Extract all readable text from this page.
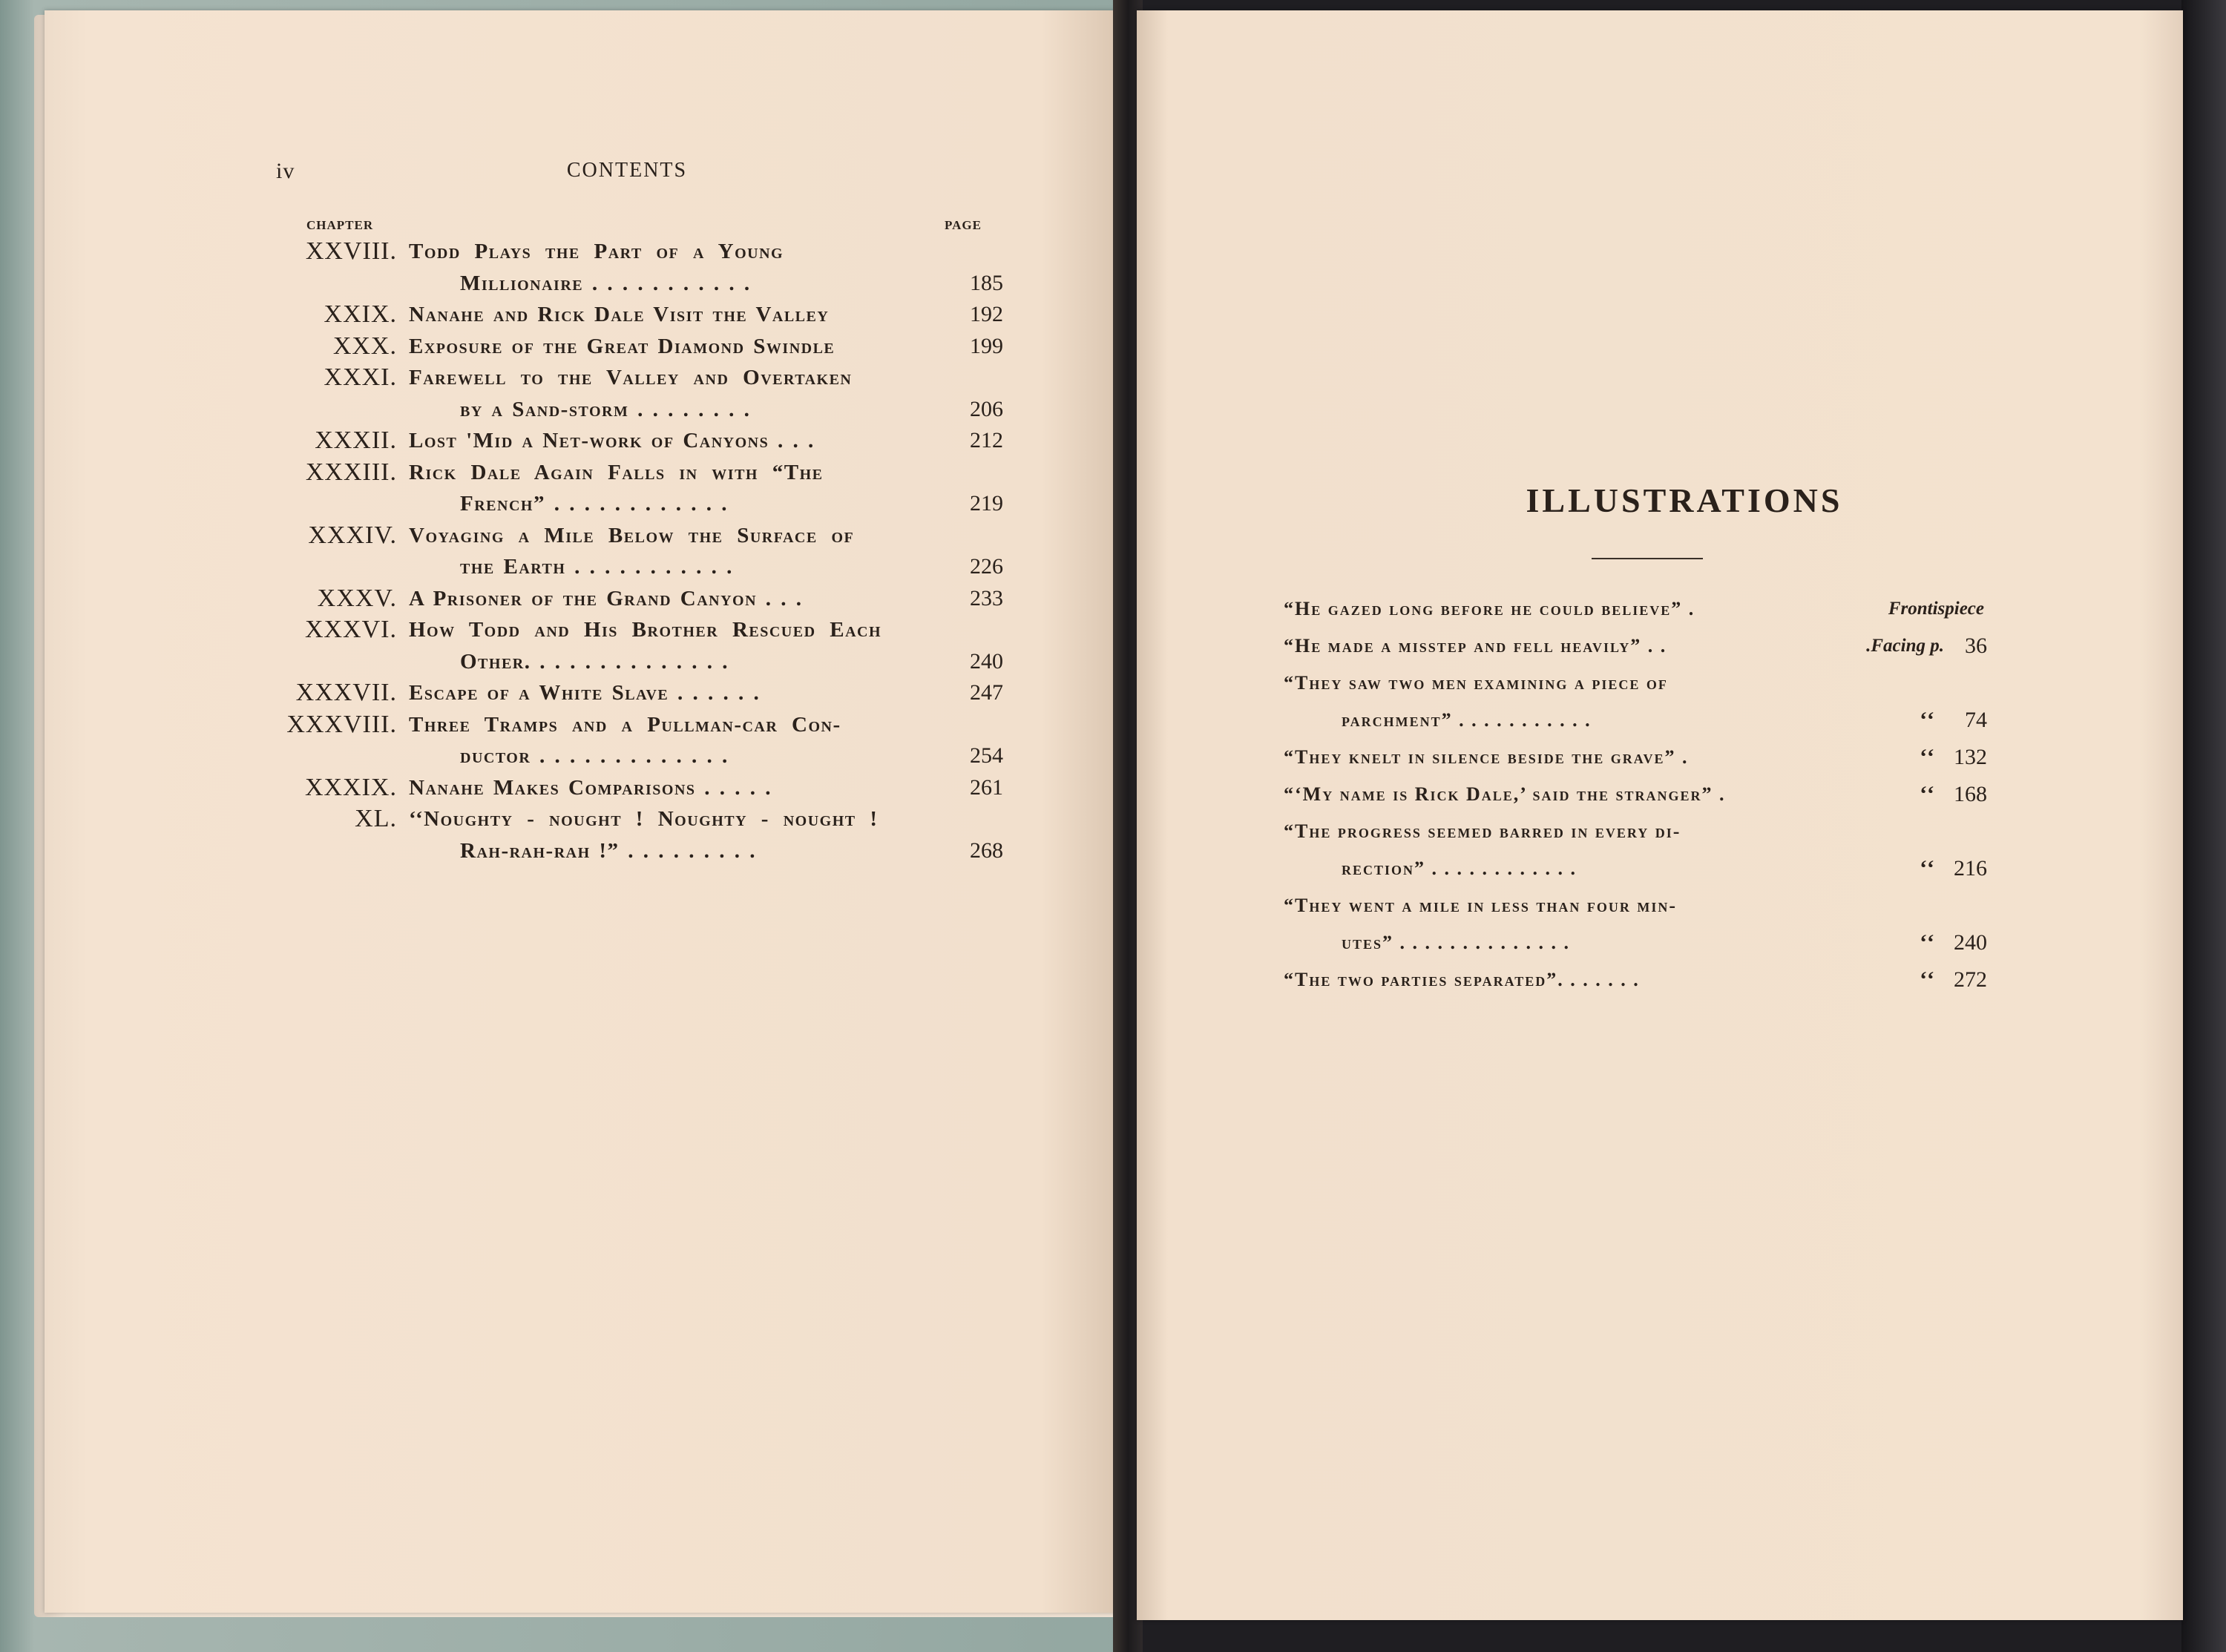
iv	CONTENTS
CHAPTER	PAGE
XXVIII. Todd Plays the Part of a Young
Millionaire . . . . . . . . . . .	185
XXIX. Nanahe and Rick Dale Visit the Valley	192
XXX. Exposure of the Great Diamond Swindle	199
XXXI. Farewell to the Valley and Overtaken
by a Sand-storm . . . . . . . .	206
XXXII. Lost 'Mid a Net-work of Canyons . . .	212
XXXIII. Rick Dale Again Falls in with “The
French” . . . . . . . . . . . .	219
XXXIV. Voyaging a Mile Below the Surface of
the Earth . . . . . . . . . . .	226
XXXV. A Prisoner of the Grand Canyon . . .	233
XXXVI. How Todd and His Brother Rescued Each
Other. . . . . . . . . . . . . .	240
XXXVII. Escape of a White Slave . . . . . .	247
XXXVIII. Three Tramps and a Pullman-car Con-
ductor . . . . . . . . . . . . .	254
XXXIX. Nanahe Makes Comparisons . . . . .	261
XL. ‘‘Noughty - nought ! Noughty - nought !
Rah-rah-rah !” . . . . . . . . .	268
ILLUSTRATIONS
“He gazed long before he could believe” .	Frontispiece
“He made a misstep and fell heavily” . .	.Facing p. 36
“They saw two men examining a piece of
parchment” . . . . . . . . . . .	‘‘	74
“They knelt in silence beside the grave” .	‘‘ 132
“‘My name is Rick Dale,’ said the stranger” .	‘‘ 168
“The progress seemed barred in every di-
rection” . . . . . . . . . . . .	‘‘ 216
“They went a mile in less than four min-
utes” . . . . . . . . . . . . . .	‘‘ 240
“The two parties separated”. . . . . . .	‘‘ 272
